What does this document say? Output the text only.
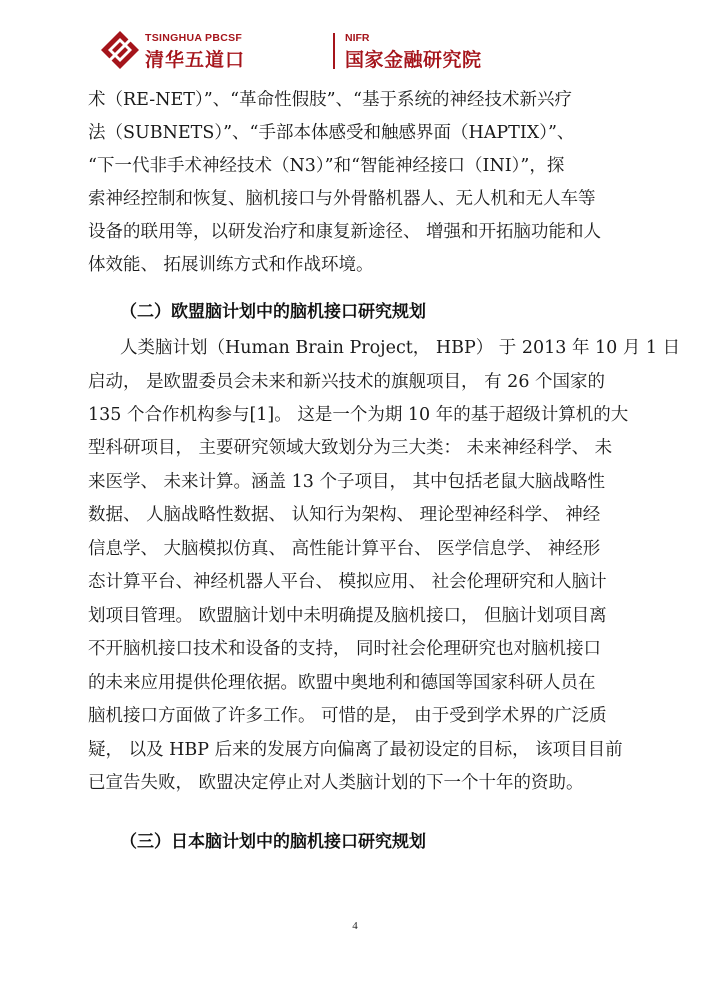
TSINGHUA PBCSF
清华五道口
NIFR
国家金融研究院
术（RE-NET）”、“革命性假肢”、“基于系统的神经技术新兴疗
法（SUBNETS）”、“手部本体感受和触感界面（HAPTIX）”、
“下一代非手术神经技术（N3）”和“智能神经接口（INI）”，探
索神经控制和恢复、脑机接口与外骨骼机器人、无人机和无人车等
设备的联用等，以研发治疗和康复新途径、 增强和开拓脑功能和人
体效能、 拓展训练方式和作战环境。
（二）欧盟脑计划中的脑机接口研究规划
人类脑计划（Human Brain Project， HBP） 于 2013 年 10 月 1 日
启动， 是欧盟委员会未来和新兴技术的旗舰项目， 有 26 个国家的
135 个合作机构参与[1]。 这是一个为期 10 年的基于超级计算机的大
型科研项目， 主要研究领域大致划分为三大类： 未来神经科学、 未
来医学、 未来计算。涵盖 13 个子项目， 其中包括老鼠大脑战略性
数据、 人脑战略性数据、 认知行为架构、 理论型神经科学、 神经
信息学、 大脑模拟仿真、 高性能计算平台、 医学信息学、 神经形
态计算平台、神经机器人平台、 模拟应用、 社会伦理研究和人脑计
划项目管理。 欧盟脑计划中未明确提及脑机接口， 但脑计划项目离
不开脑机接口技术和设备的支持， 同时社会伦理研究也对脑机接口
的未来应用提供伦理依据。欧盟中奥地利和德国等国家科研人员在
脑机接口方面做了许多工作。 可惜的是， 由于受到学术界的广泛质
疑， 以及 HBP 后来的发展方向偏离了最初设定的目标， 该项目目前
已宣告失败， 欧盟决定停止对人类脑计划的下一个十年的资助。
（三）日本脑计划中的脑机接口研究规划
4
